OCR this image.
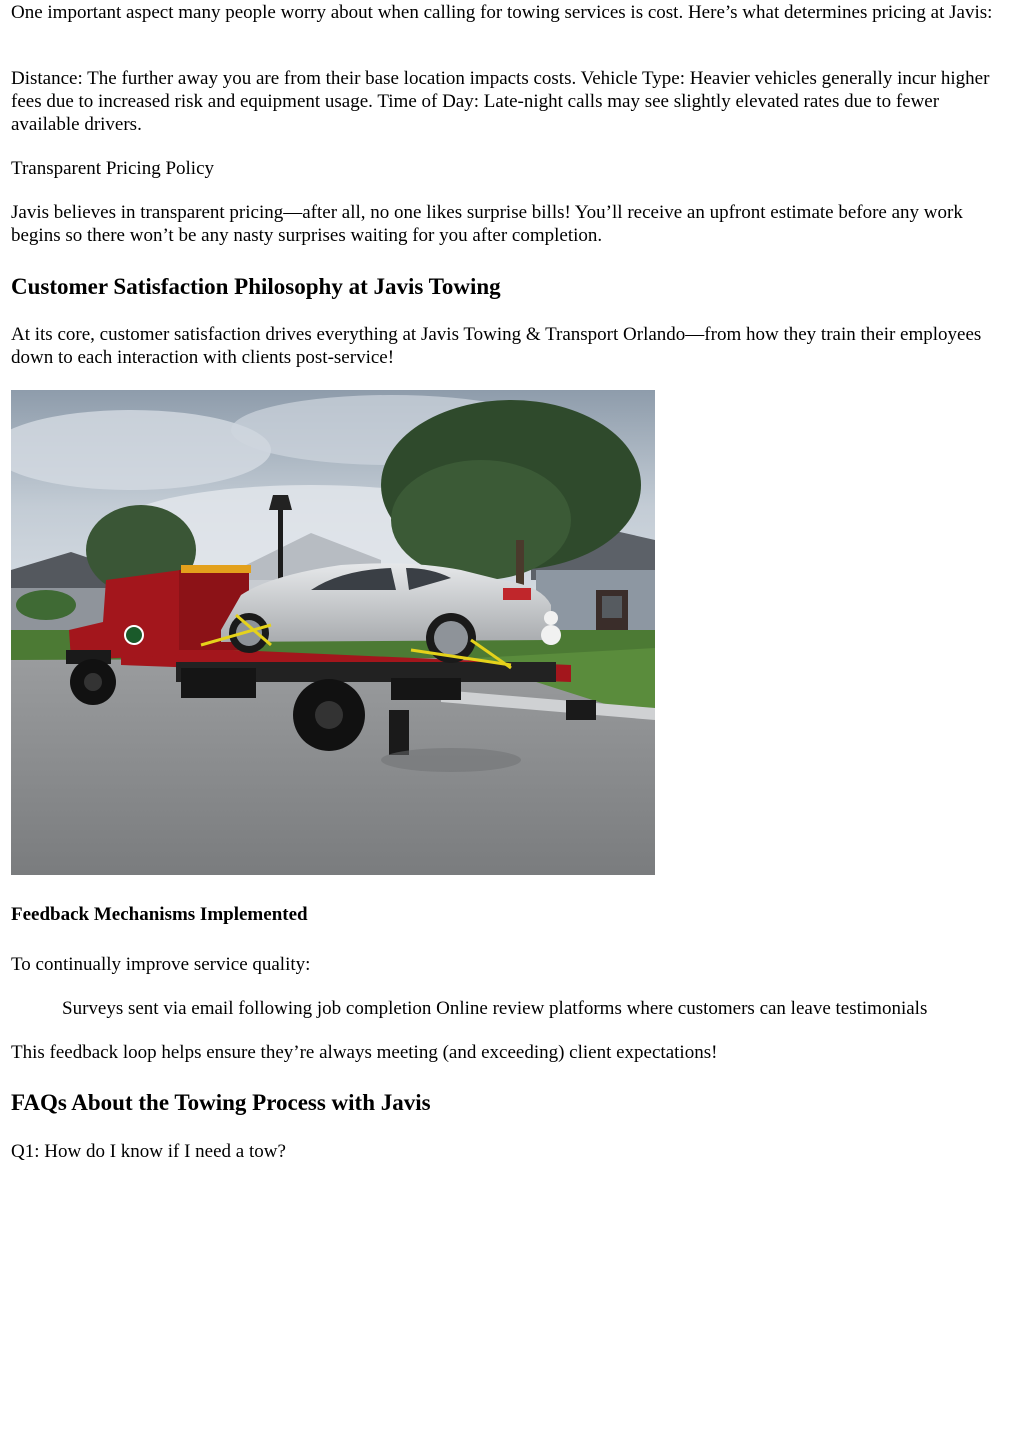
One important aspect many people worry about when calling for towing services is cost. Here’s what determines pricing at Javis:

Distance: The further away you are from their base location impacts costs. Vehicle Type: Heavier vehicles generally incur higher fees due to increased risk and equipment usage. Time of Day: Late-night calls may see slightly elevated rates due to fewer available drivers.

Transparent Pricing Policy

Javis believes in transparent pricing—after all, no one likes surprise bills! You’ll receive an upfront estimate before any work begins so there won’t be any nasty surprises waiting for you after completion.

Customer Satisfaction Philosophy at Javis Towing

At its core, customer satisfaction drives everything at Javis Towing & Transport Orlando—from how they train their employees down to each interaction with clients post-service!

Feedback Mechanisms Implemented

To continually improve service quality:

Surveys sent via email following job completion Online review platforms where customers can leave testimonials

This feedback loop helps ensure they’re always meeting (and exceeding) client expectations!

FAQs About the Towing Process with Javis

Q1: How do I know if I need a tow?
